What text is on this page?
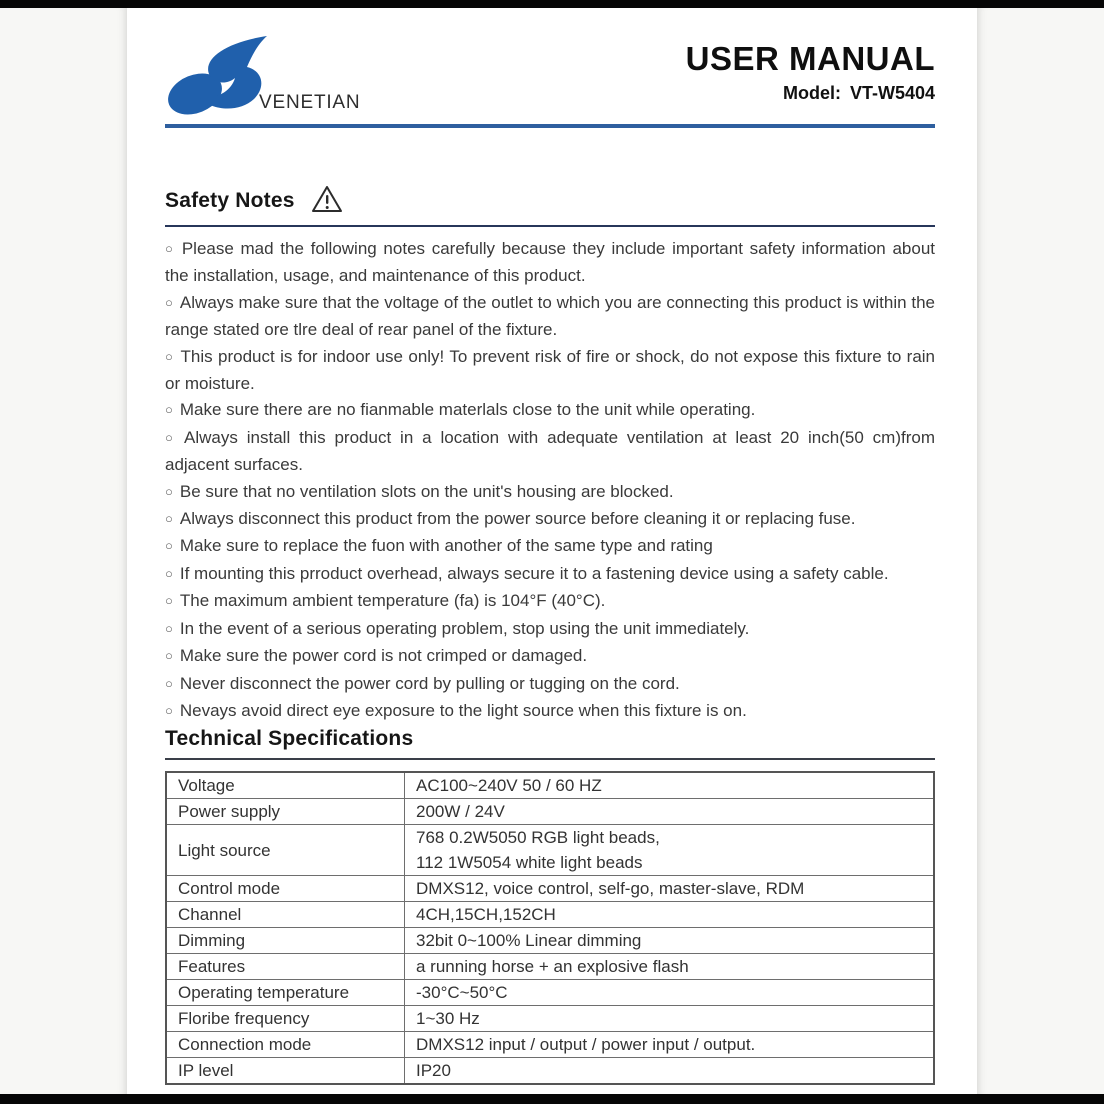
VENETIAN
USER MANUAL
Model: VT-W5404
Safety Notes
○ Please mad the following notes carefully because they include important safety information about the installation, usage, and maintenance of this product.
○ Always make sure that the voltage of the outlet to which you are connecting this product is within the range stated ore tlre deal of rear panel of the fixture.
○ This product is for indoor use only! To prevent risk of fire or shock, do not expose this fixture to rain or moisture.
○ Make sure there are no fianmable materlals close to the unit while operating.
○ Always install this product in a location with adequate ventilation at least 20 inch(50 cm)from adjacent surfaces.
○ Be sure that no ventilation slots on the unit's housing are blocked.
○ Always disconnect this product from the power source before cleaning it or replacing fuse.
○ Make sure to replace the fuon with another of the same type and rating
○ If mounting this prroduct overhead, always secure it to a fastening device using a safety cable.
○ The maximum ambient temperature (fa) is 104°F (40°C).
○ In the event of a serious operating problem, stop using the unit immediately.
○ Make sure the power cord is not crimped or damaged.
○ Never disconnect the power cord by pulling or tugging on the cord.
○ Nevays avoid direct eye exposure to the light source when this fixture is on.
Technical Specifications
Voltage	AC100~240V 50 / 60 HZ
Power supply	200W / 24V
Light source	768 0.2W5050 RGB light beads,
112 1W5054 white light beads

Control mode	DMXS12, voice control, self-go, master-slave, RDM
Channel	4CH,15CH,152CH
Dimming	32bit 0~100% Linear dimming
Features	a running horse + an explosive flash
Operating temperature	-30°C~50°C
Floribe frequency	1~30 Hz
Connection mode	DMXS12 input / output / power input / output.
IP level	IP20
